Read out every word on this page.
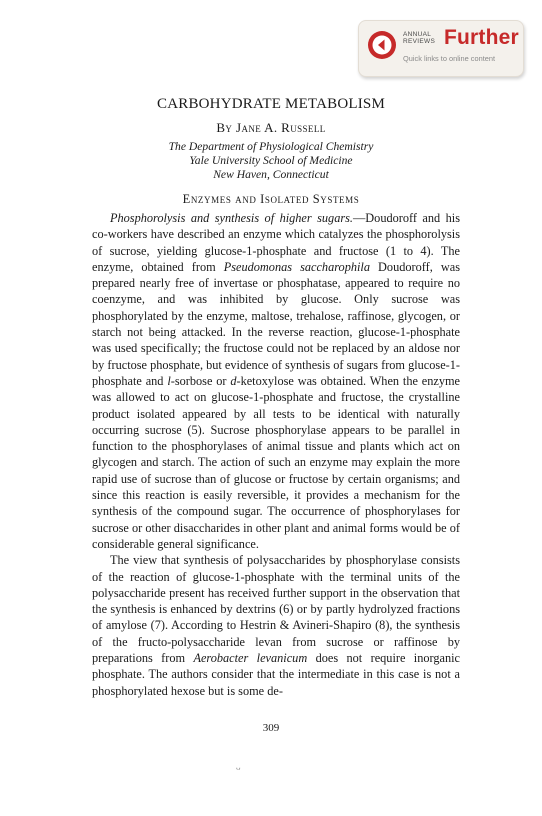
ANNUAL
REVIEWS Further
Quick links to online content
CARBOHYDRATE METABOLISM
By Jane A. Russell
The Department of Physiological Chemistry
Yale University School of Medicine
New Haven, Connecticut
Enzymes and Isolated Systems

Phosphorolysis and synthesis of higher sugars.—Doudoroff and his co-workers have described an enzyme which catalyzes the phosphorolysis of sucrose, yielding glucose-1-phosphate and fructose (1 to 4). The enzyme, obtained from Pseudomonas saccharophila Doudoroff, was prepared nearly free of invertase or phosphatase, appeared to require no coenzyme, and was inhibited by glucose. Only sucrose was phosphorylated by the enzyme, maltose, trehalose, raffinose, glycogen, or starch not being attacked. In the reverse reaction, glucose-1-phosphate was used specifically; the fructose could not be replaced by an aldose nor by fructose phosphate, but evidence of synthesis of sugars from glucose-1-phosphate and l-sorbose or d-ketoxylose was obtained. When the enzyme was allowed to act on glucose-1-phosphate and fructose, the crystalline product isolated appeared by all tests to be identical with naturally occurring sucrose (5). Sucrose phosphorylase appears to be parallel in function to the phosphorylases of animal tissue and plants which act on glycogen and starch. The action of such an enzyme may explain the more rapid use of sucrose than of glucose or fructose by certain organisms; and since this reaction is easily reversible, it provides a mechanism for the synthesis of the compound sugar. The occurrence of phosphorylases for sucrose or other disaccharides in other plant and animal forms would be of considerable general significance.

The view that synthesis of polysaccharides by phosphorylase consists of the reaction of glucose-1-phosphate with the terminal units of the polysaccharide present has received further support in the observation that the synthesis is enhanced by dextrins (6) or by partly hydrolyzed fractions of amylose (7). According to Hestrin & Avineri-Shapiro (8), the synthesis of the fructo-polysaccharide levan from sucrose or raffinose by preparations from Aerobacter levanicum does not require inorganic phosphate. The authors consider that the intermediate in this case is not a phosphorylated hexose but is some de-

309
ᴗ
